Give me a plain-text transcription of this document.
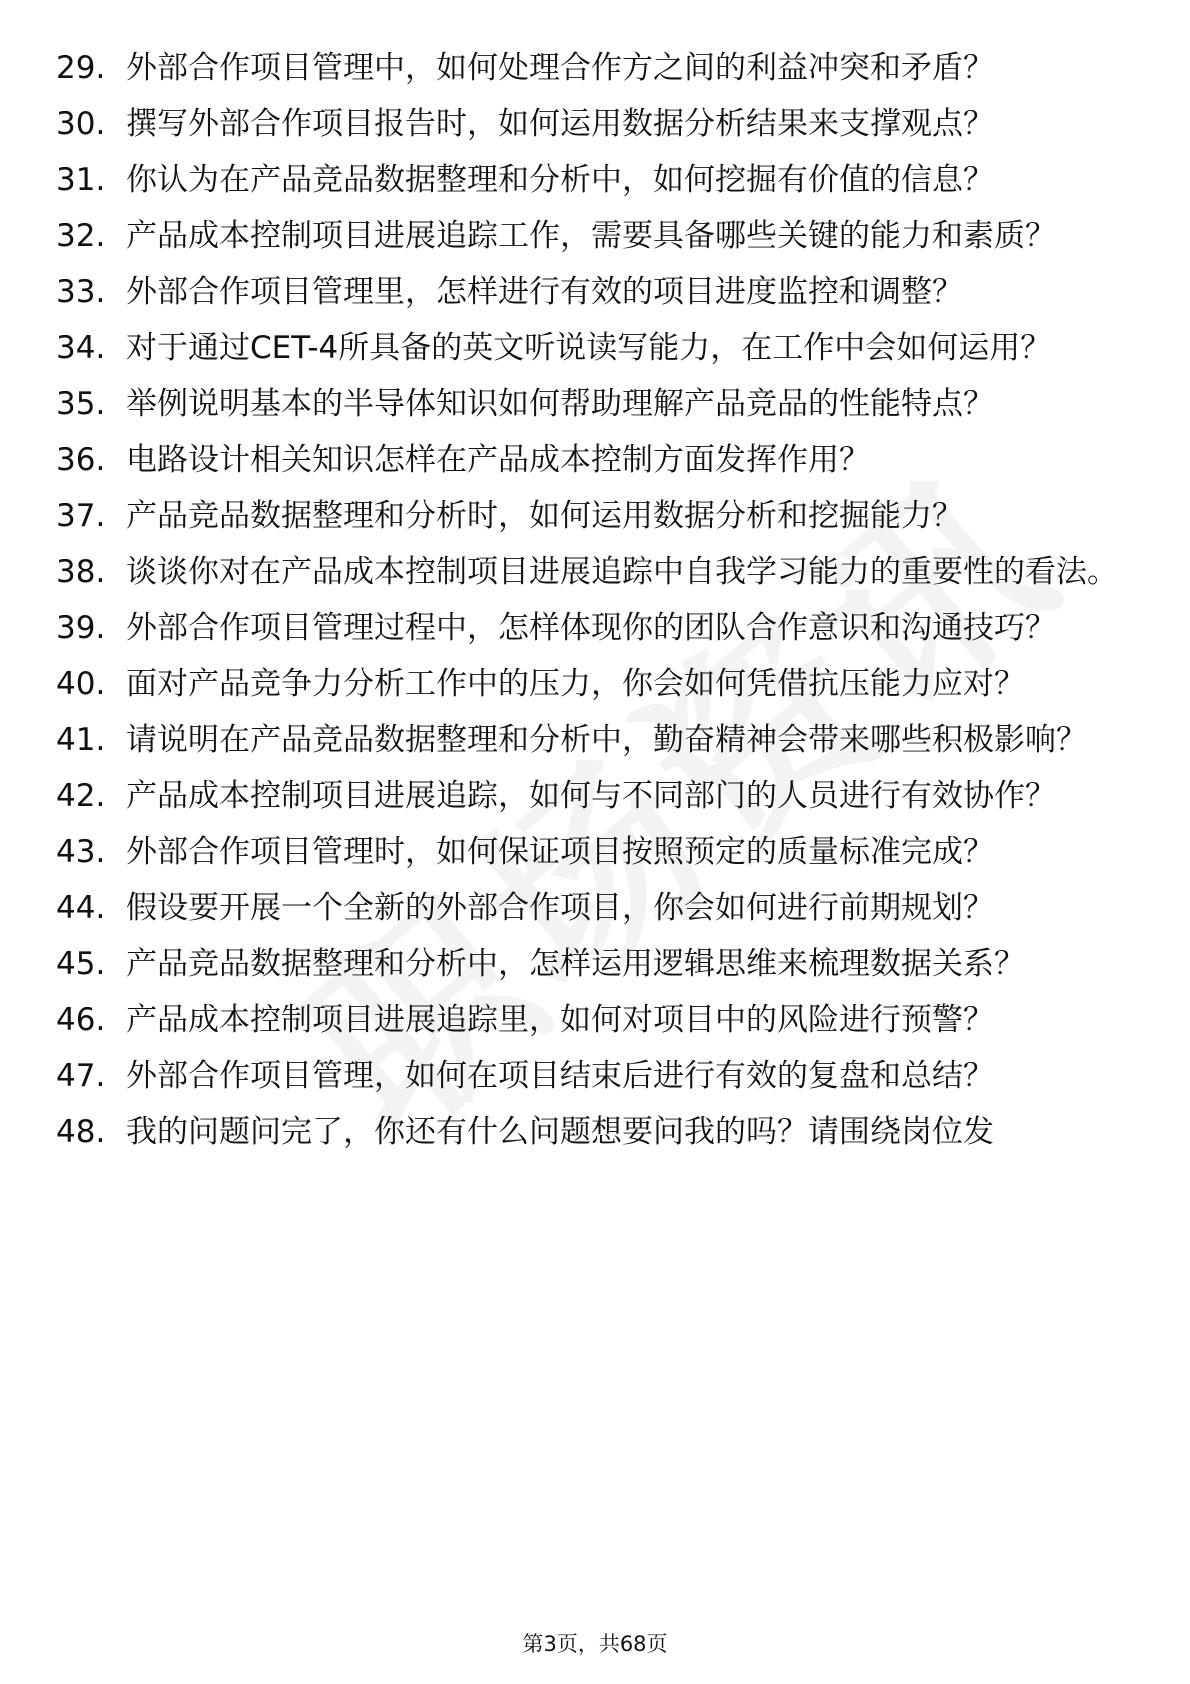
29. 外部合作项目管理中，如何处理合作方之间的利益冲突和矛盾？
30. 撰写外部合作项目报告时，如何运用数据分析结果来支撑观点？
31. 你认为在产品竞品数据整理和分析中，如何挖掘有价值的信息？
32. 产品成本控制项目进展追踪工作，需要具备哪些关键的能力和素质？
33. 外部合作项目管理里，怎样进行有效的项目进度监控和调整？
34. 对于通过CET-4所具备的英文听说读写能力，在工作中会如何运用？
35. 举例说明基本的半导体知识如何帮助理解产品竞品的性能特点？
36. 电路设计相关知识怎样在产品成本控制方面发挥作用？
37. 产品竞品数据整理和分析时，如何运用数据分析和挖掘能力？
38. 谈谈你对在产品成本控制项目进展追踪中自我学习能力的重要性的看法。
39. 外部合作项目管理过程中，怎样体现你的团队合作意识和沟通技巧？
40. 面对产品竞争力分析工作中的压力，你会如何凭借抗压能力应对？
41. 请说明在产品竞品数据整理和分析中，勤奋精神会带来哪些积极影响？
42. 产品成本控制项目进展追踪，如何与不同部门的人员进行有效协作？
43. 外部合作项目管理时，如何保证项目按照预定的质量标准完成？
44. 假设要开展一个全新的外部合作项目，你会如何进行前期规划？
45. 产品竞品数据整理和分析中，怎样运用逻辑思维来梳理数据关系？
46. 产品成本控制项目进展追踪里，如何对项目中的风险进行预警？
47. 外部合作项目管理，如何在项目结束后进行有效的复盘和总结？
48. 我的问题问完了，你还有什么问题想要问我的吗？请围绕岗位发
第3页，共68页
